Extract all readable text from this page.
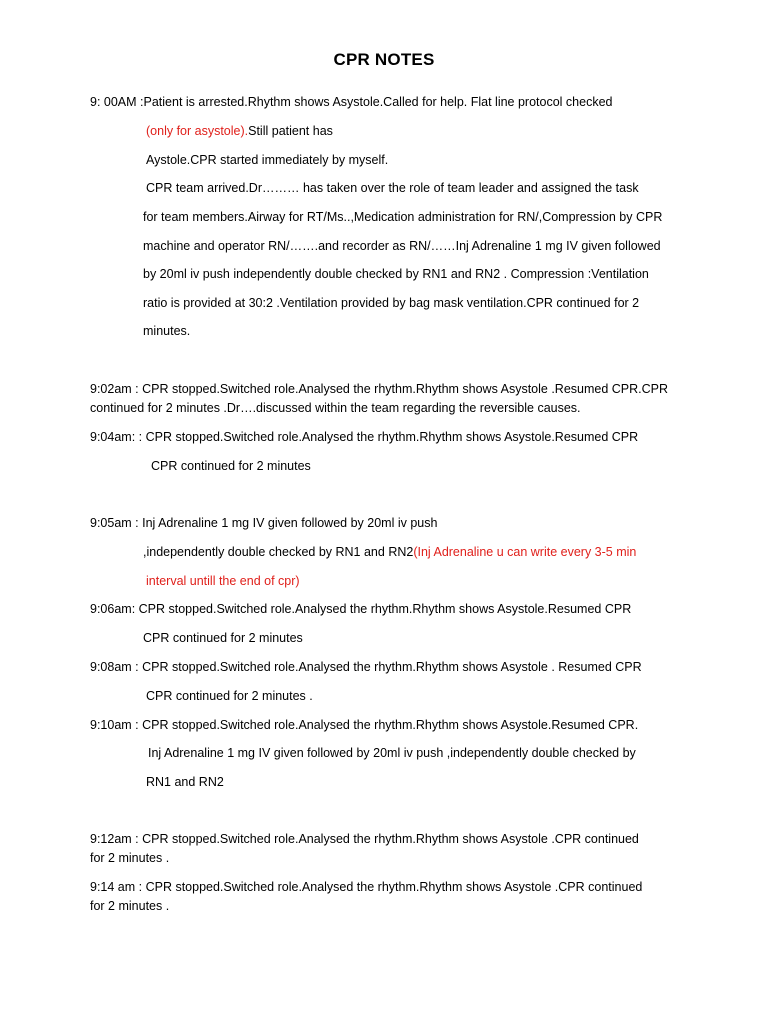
CPR NOTES
9: 00AM :Patient is arrested.Rhythm shows Asystole.Called for help. Flat line protocol checked
(only for asystole).Still patient has
Aystole.CPR started immediately by myself.
CPR team arrived.Dr……… has taken over the role of team leader and assigned the task
for team members.Airway for RT/Ms..,Medication administration for RN/,Compression by CPR
machine and operator RN/…….and recorder as RN/……Inj Adrenaline 1 mg IV given followed
by 20ml iv push independently double checked by RN1 and RN2 . Compression :Ventilation
ratio is provided at 30:2 .Ventilation provided by bag mask ventilation.CPR continued for 2
minutes.
9:02am : CPR stopped.Switched role.Analysed the rhythm.Rhythm shows Asystole .Resumed CPR.CPR
continued for 2 minutes .Dr….discussed within the team regarding the reversible causes.
9:04am: : CPR stopped.Switched role.Analysed the rhythm.Rhythm shows Asystole.Resumed CPR
CPR continued for 2 minutes
9:05am : Inj Adrenaline 1 mg IV given followed by 20ml iv push
,independently double checked by RN1 and RN2(Inj Adrenaline u can write every 3-5 min
interval untill the end of cpr)
9:06am: CPR stopped.Switched role.Analysed the rhythm.Rhythm shows Asystole.Resumed CPR
CPR continued for 2 minutes
9:08am : CPR stopped.Switched role.Analysed the rhythm.Rhythm shows Asystole . Resumed CPR
CPR continued for 2 minutes .
9:10am : CPR stopped.Switched role.Analysed the rhythm.Rhythm shows Asystole.Resumed CPR.
Inj Adrenaline 1 mg IV given followed by 20ml iv push ,independently double checked by
RN1 and RN2
9:12am : CPR stopped.Switched role.Analysed the rhythm.Rhythm shows Asystole .CPR continued
for 2 minutes .
9:14 am : CPR stopped.Switched role.Analysed the rhythm.Rhythm shows Asystole .CPR continued
for 2 minutes .
